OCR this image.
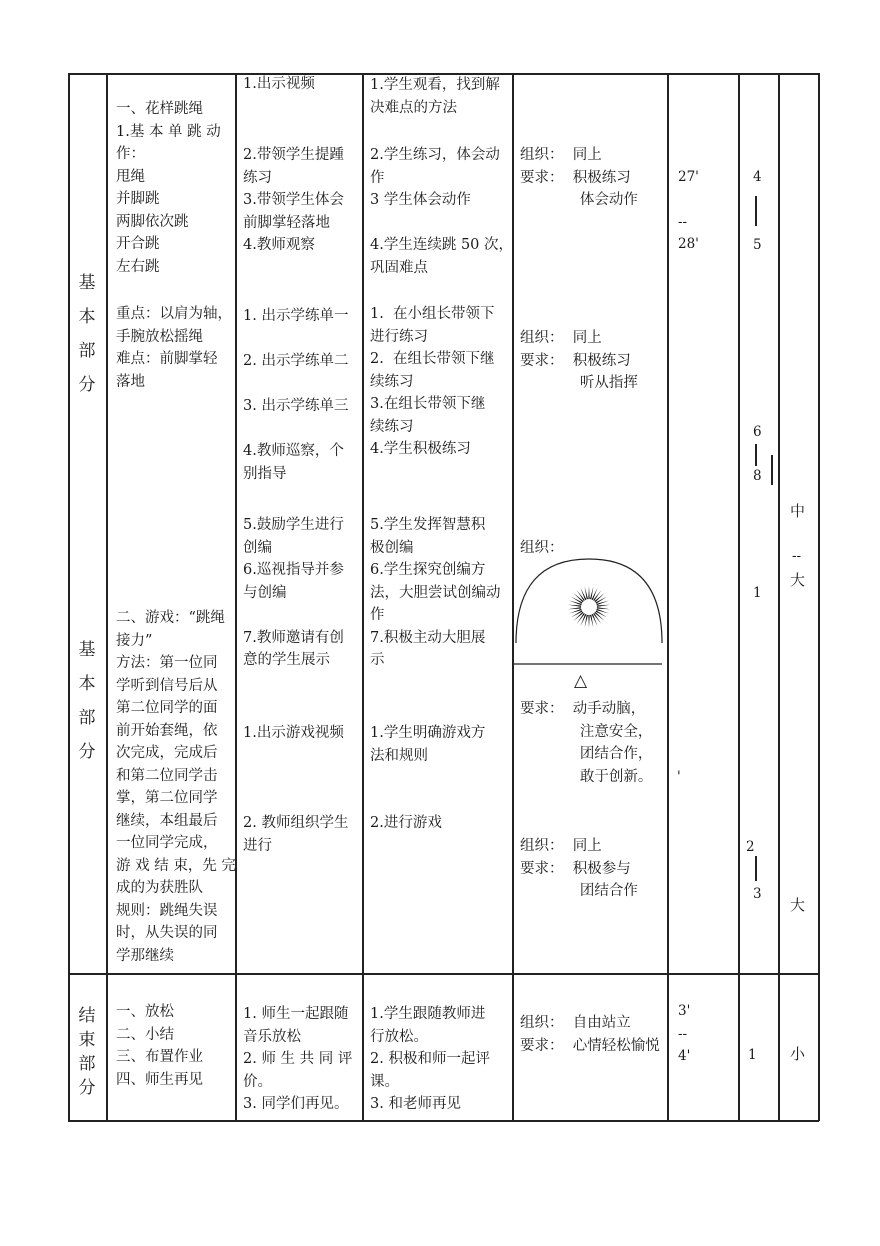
基
本
部
分
基
本
部
分
结
束
部
分
一、花样跳绳
1.基 本 单 跳 动
作：
甩绳
并脚跳
两脚依次跳
开合跳
左右跳
重点：以肩为轴，
手腕放松摇绳
难点：前脚掌轻
落地
二、游戏：“跳绳
接力”
方法：第一位同
学听到信号后从
第二位同学的面
前开始套绳，依
次完成，完成后
和第二位同学击
掌，第二位同学
继续，本组最后
一位同学完成，
游 戏 结 束，先 完
成的为获胜队
规则：跳绳失误
时，从失误的同
学那继续
一、放松
二、小结
三、布置作业
四、师生再见
1.出示视频
2.带领学生提踵
练习
3.带领学生体会
前脚掌轻落地
4.教师观察
1. 出示学练单一

2. 出示学练单二

3. 出示学练单三

4.教师巡察，个
别指导
5.鼓励学生进行
创编
6.巡视指导并参
与创编

7.教师邀请有创
意的学生展示
1.出示游戏视频

2. 教师组织学生
进行
1. 师生一起跟随
音乐放松
2. 师 生 共 同 评
价。
3. 同学们再见。
1.学生观看，找到解
决难点的方法
2.学生练习，体会动
作
3 学生体会动作

4.学生连续跳 50 次，
巩固难点
1.  在小组长带领下
进行练习
2.  在组长带领下继
续练习
3.在组长带领下继
续练习
4.学生积极练习
5.学生发挥智慧积
极创编
6.学生探究创编方
法，大胆尝试创编动
作
7.积极主动大胆展
示
1.学生明确游戏方
法和规则

2.进行游戏
1.学生跟随教师进
行放松。
2. 积极和师一起评
课。
3. 和老师再见
组织：  同上
要求：  积极练习
体会动作
组织：  同上
要求：  积极练习
听从指挥
组织：
△
要求：  动手动脑，
注意安全，
团结合作，
敢于创新。
组织：  同上
要求：  积极参与
团结合作
组织：  自由站立
要求：  心情轻松愉悦
27'
--
28'
'
3'
--
4'
4
5
6
8
1
2
3
1
中
--
大
大
小
